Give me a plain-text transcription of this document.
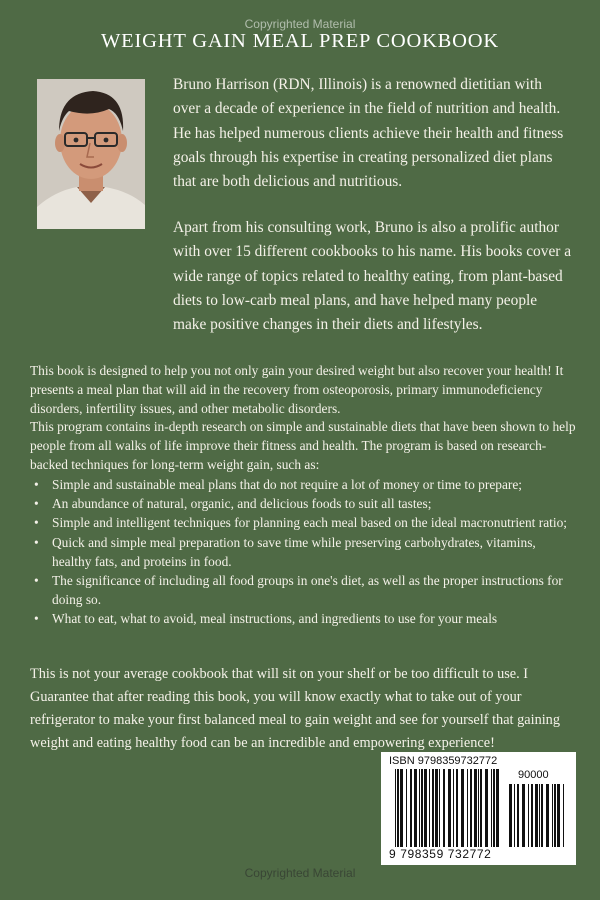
Copyrighted Material
WEIGHT GAIN MEAL PREP COOKBOOK
Bruno Harrison (RDN, Illinois) is a renowned dietitian with over a decade of experience in the field of nutrition and health. He has helped numerous clients achieve their health and fitness goals through his expertise in creating personalized diet plans that are both delicious and nutritious.
Apart from his consulting work, Bruno is also a prolific author with over 15 different cookbooks to his name. His books cover a wide range of topics related to healthy eating, from plant-based diets to low-carb meal plans, and have helped many people make positive changes in their diets and lifestyles.
This book is designed to help you not only gain your desired weight but also recover your health! It presents a meal plan that will aid in the recovery from osteoporosis, primary immunodeficiency disorders, infertility issues, and other metabolic disorders.
This program contains in-depth research on simple and sustainable diets that have been shown to help people from all walks of life improve their fitness and health. The program is based on research-backed techniques for long-term weight gain, such as:
• Simple and sustainable meal plans that do not require a lot of money or time to prepare;
• An abundance of natural, organic, and delicious foods to suit all tastes;
• Simple and intelligent techniques for planning each meal based on the ideal macronutrient ratio;
• Quick and simple meal preparation to save time while preserving carbohydrates, vitamins, healthy fats, and proteins in food.
• The significance of including all food groups in one's diet, as well as the proper instructions for doing so.
• What to eat, what to avoid, meal instructions, and ingredients to use for your meals
This is not your average cookbook that will sit on your shelf or be too difficult to use. I Guarantee that after reading this book, you will know exactly what to take out of your refrigerator to make your first balanced meal to gain weight and see for yourself that gaining weight and eating healthy food can be an incredible and empowering experience!
ISBN 9798359732772
90000
9 798359 732772
Copyrighted Material
